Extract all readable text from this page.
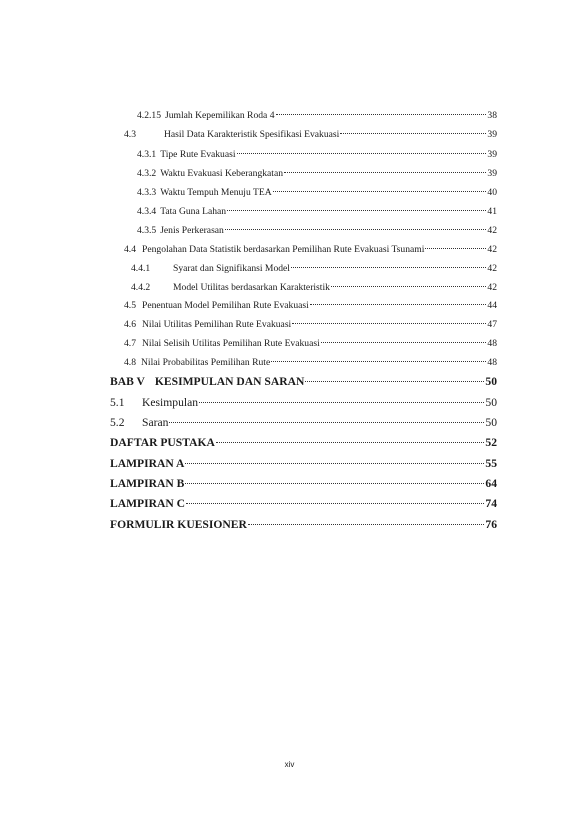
4.2.15 Jumlah Kepemilikan Roda 4	38
4.3	Hasil Data Karakteristik Spesifikasi Evakuasi	39
4.3.1 Tipe Rute Evakuasi	39
4.3.2 Waktu Evakuasi Keberangkatan	39
4.3.3 Waktu Tempuh Menuju TEA	40
4.3.4 Tata Guna Lahan	41
4.3.5 Jenis Perkerasan	42
4.4 Pengolahan Data Statistik berdasarkan Pemilihan Rute Evakuasi Tsunami	42
4.4.1	Syarat dan Signifikansi Model	42
4.4.2	Model Utilitas berdasarkan Karakteristik	42
4.5 Penentuan Model Pemilihan Rute Evakuasi	44
4.6 Nilai Utilitas Pemilihan Rute Evakuasi	47
4.7 Nilai Selisih Utilitas Pemilihan Rute Evakuasi	48
4.8 Nilai Probabilitas Pemilihan Rute	48
BAB V KESIMPULAN DAN SARAN	50
5.1	Kesimpulan	50
5.2	Saran	50
DAFTAR PUSTAKA	52
LAMPIRAN A	55
LAMPIRAN B	64
LAMPIRAN C	74
FORMULIR KUESIONER	76
xiv
